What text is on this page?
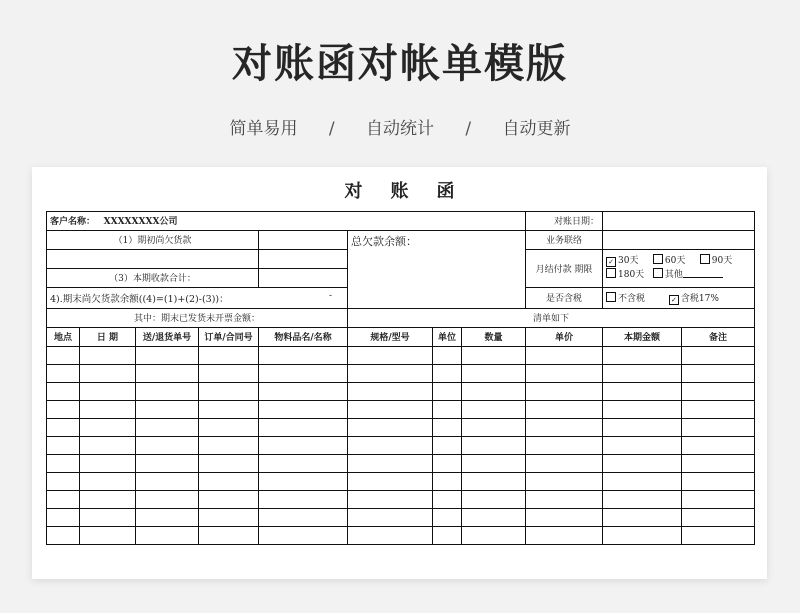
对账函对帐单模版
简单易用 / 自动统计 / 自动更新
对账函

客户名称： XXXXXXXX公司								对账日期：		
（1）期初尚欠货款					总欠款余额：			业务联络		
								月结付款 期限	✓ 30天 60天 90天
180天 其他	
（3）本期收款合计：										
4).期末尚欠货款余额((4)=(1)+(2)-(3))： -								是否含税	不含税 ✓ 含税17%	
其中：期末已发货未开票金额：					清单如下					
地点	日 期	送/退货单号	订单/合同号	物料品名/名称	规格/型号	单位	数量	单价	本期金额	备注
